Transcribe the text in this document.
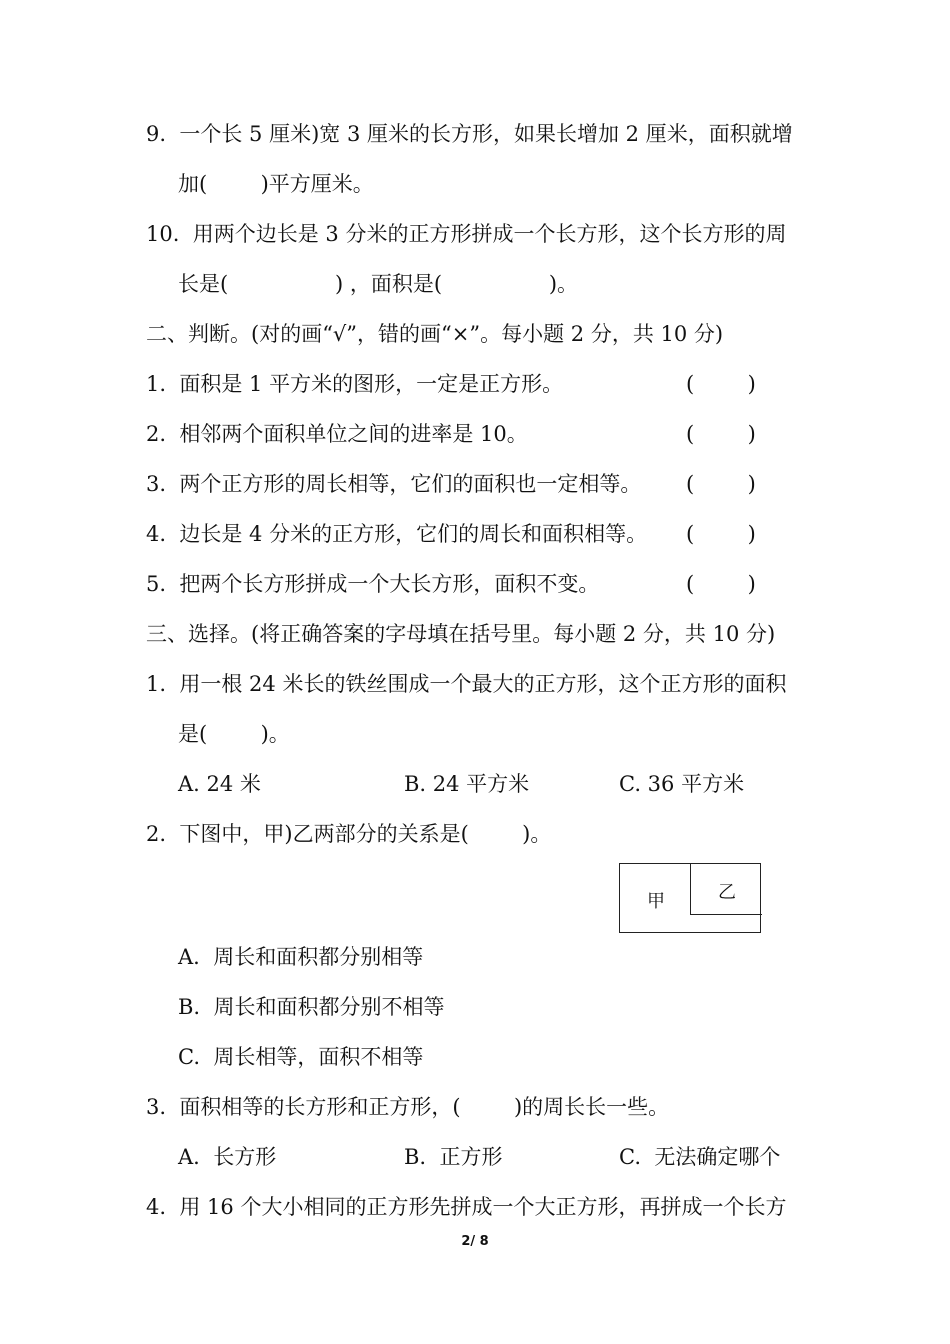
9.  一个长 5 厘米)宽 3 厘米的长方形，如果长增加 2 厘米，面积就增
加(        )平方厘米。
10.  用两个边长是 3 分米的正方形拼成一个长方形，这个长方形的周
长是(                ) ，面积是(                )。
二、判断。(对的画“√”，错的画“×”。每小题 2 分，共 10 分)
1.  面积是 1 平方米的图形，一定是正方形。	(        )
2.  相邻两个面积单位之间的进率是 10。	(        )
3.  两个正方形的周长相等，它们的面积也一定相等。 (        )
4.  边长是 4 分米的正方形，它们的周长和面积相等。 (        )
5.  把两个长方形拼成一个大长方形，面积不变。	(        )
三、选择。(将正确答案的字母填在括号里。每小题 2 分，共 10 分)
1.  用一根 24 米长的铁丝围成一个最大的正方形，这个正方形的面积
是(        )。
A. 24 米	B. 24 平方米	C. 36 平方米
2.  下图中，甲)乙两部分的关系是(        )。
甲	乙
A.  周长和面积都分别相等
B.  周长和面积都分别不相等
C.  周长相等，面积不相等
3.  面积相等的长方形和正方形，(        )的周长长一些。
A.  长方形	B.  正方形	C.  无法确定哪个
4.  用 16 个大小相同的正方形先拼成一个大正方形，再拼成一个长方
2/ 8
